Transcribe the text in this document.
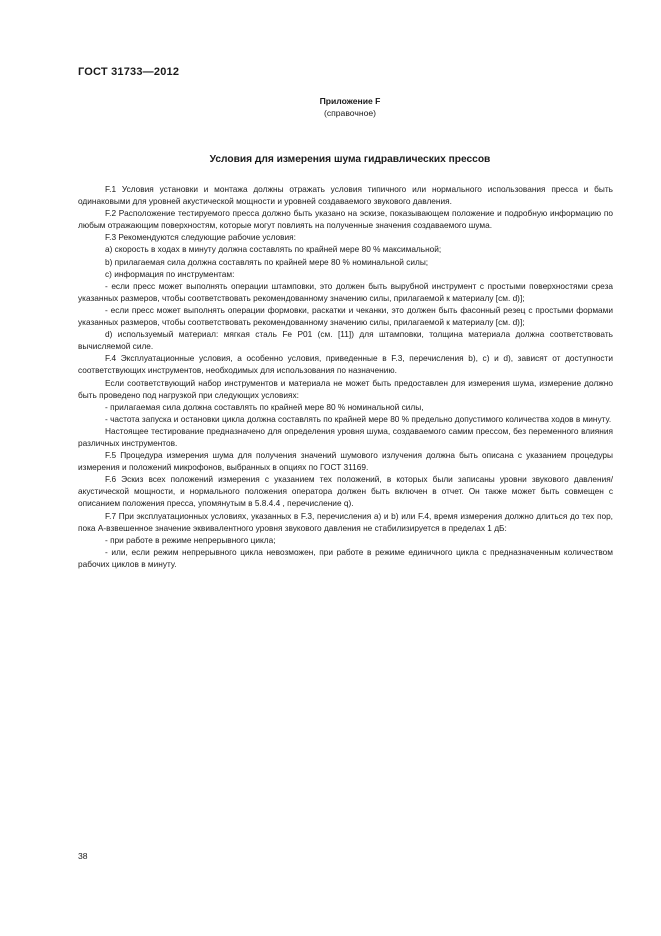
ГОСТ 31733—2012
Приложение F
(справочное)
Условия для измерения шума гидравлических прессов

F.1 Условия установки и монтажа должны отражать условия типичного или нормального использования пресса и быть одинаковыми для уровней акустической мощности и уровней создаваемого звукового давления.

F.2 Расположение тестируемого пресса должно быть указано на эскизе, показывающем положение и подробную информацию по любым отражающим поверхностям, которые могут повлиять на полученные значения создаваемого шума.

F.3 Рекомендуются следующие рабочие условия:

a) скорость в ходах в минуту должна составлять по крайней мере 80 % максимальной;

b) прилагаемая сила должна составлять по крайней мере 80 % номинальной силы;

c) информация по инструментам:

- если пресс может выполнять операции штамповки, это должен быть вырубной инструмент с простыми поверхностями среза указанных размеров, чтобы соответствовать рекомендованному значению силы, прилагаемой к материалу [см. d)];

- если пресс может выполнять операции формовки, раскатки и чеканки, это должен быть фасонный резец с простыми формами указанных размеров, чтобы соответствовать рекомендованному значению силы, прилагаемой к материалу [см. d)];

d) используемый материал: мягкая сталь Fe P01 (см. [11]) для штамповки, толщина материала должна соответствовать вычисляемой силе.

F.4 Эксплуатационные условия, а особенно условия, приведенные в F.3, перечисления b), c) и d), зависят от доступности соответствующих инструментов, необходимых для использования по назначению.

Если соответствующий набор инструментов и материала не может быть предоставлен для измерения шума, измерение должно быть проведено под нагрузкой при следующих условиях:

- прилагаемая сила должна составлять по крайней мере 80 % номинальной силы,

- частота запуска и остановки цикла должна составлять по крайней мере 80 % предельно допустимого количества ходов в минуту.

Настоящее тестирование предназначено для определения уровня шума, создаваемого самим прессом, без переменного влияния различных инструментов.

F.5 Процедура измерения шума для получения значений шумового излучения должна быть описана с указанием процедуры измерения и положений микрофонов, выбранных в опциях по ГОСТ 31169.

F.6 Эскиз всех положений измерения с указанием тех положений, в которых были записаны уровни звукового давления/акустической мощности, и нормального положения оператора должен быть включен в отчет. Он также может быть совмещен с описанием положения пресса, упомянутым в 5.8.4.4 , перечисление q).

F.7 При эксплуатационных условиях, указанных в F.3, перечисления a) и b) или F.4, время измерения должно длиться до тех пор, пока А-взвешенное значение эквивалентного уровня звукового давления не стабилизируется в пределах 1 дБ:

- при работе в режиме непрерывного цикла;

- или, если режим непрерывного цикла невозможен, при работе в режиме единичного цикла с предназначенным количеством рабочих циклов в минуту.

38
